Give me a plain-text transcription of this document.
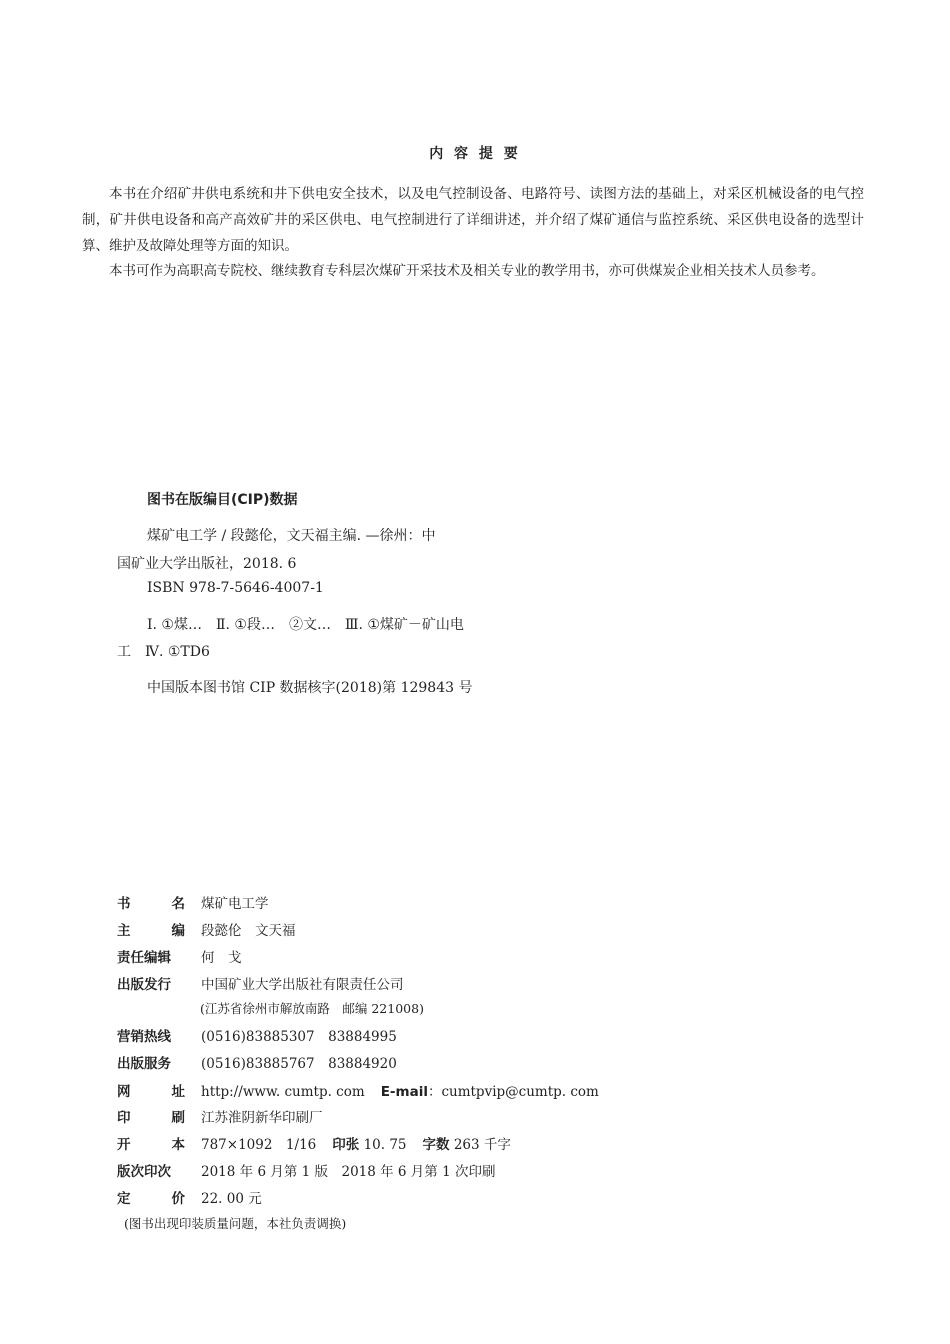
内 容 提 要

本书在介绍矿井供电系统和井下供电安全技术，以及电气控制设备、电路符号、读图方法的基础上，对采区机械设备的电气控制，矿井供电设备和高产高效矿井的采区供电、电气控制进行了详细讲述，并介绍了煤矿通信与监控系统、采区供电设备的选型计算、维护及故障处理等方面的知识。

本书可作为高职高专院校、继续教育专科层次煤矿开采技术及相关专业的教学用书，亦可供煤炭企业相关技术人员参考。

图书在版编目(CIP)数据
煤矿电工学 / 段懿伦，文天福主编. —徐州：中
国矿业大学出版社，2018. 6
ISBN 978-7-5646-4007-1
Ⅰ. ①煤…　Ⅱ. ①段…　②文…　Ⅲ. ①煤矿－矿山电
工　Ⅳ. ①TD6
中国版本图书馆 CIP 数据核字(2018)第 129843 号
书	名 煤矿电工学
主	编 段懿伦　文天福
责任编辑	何　戈
出版发行	中国矿业大学出版社有限责任公司
(江苏省徐州市解放南路　邮编 221008)
营销热线	(0516)83885307　83884995
出版服务	(0516)83885767　83884920
网	址 http://www. cumtp. com E-mail：cumtpvip@cumtp. com
印	刷 江苏淮阴新华印刷厂
开	本 787×1092　1/16 印张 10. 75 字数 263 千字
版次印次	2018 年 6 月第 1 版　2018 年 6 月第 1 次印刷
定	价 22. 00 元
(图书出现印装质量问题，本社负责调换)
